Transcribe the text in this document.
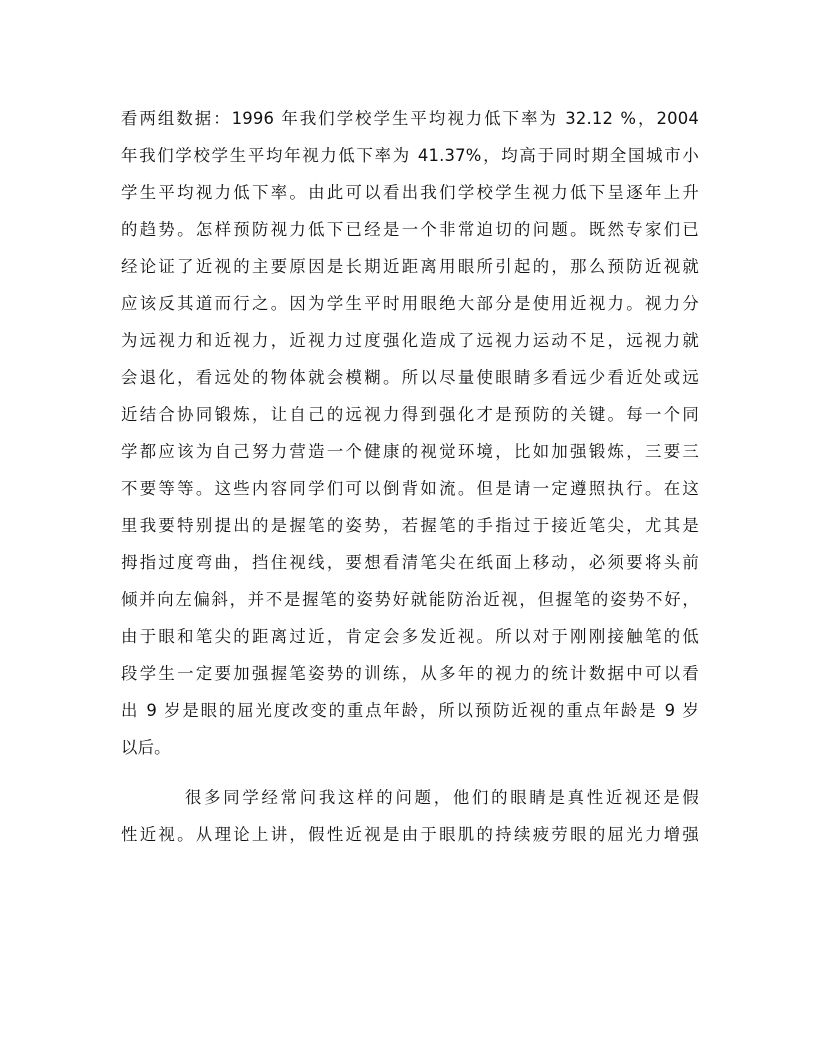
看两组数据：1996 年我们学校学生平均视力低下率为 32.12 %，2004
年我们学校学生平均年视力低下率为 41.37%，均高于同时期全国城市小
学生平均视力低下率。由此可以看出我们学校学生视力低下呈逐年上升
的趋势。怎样预防视力低下已经是一个非常迫切的问题。既然专家们已
经论证了近视的主要原因是长期近距离用眼所引起的，那么预防近视就
应该反其道而行之。因为学生平时用眼绝大部分是使用近视力。视力分
为远视力和近视力，近视力过度强化造成了远视力运动不足，远视力就
会退化，看远处的物体就会模糊。所以尽量使眼睛多看远少看近处或远
近结合协同锻炼，让自己的远视力得到强化才是预防的关键。每一个同
学都应该为自己努力营造一个健康的视觉环境，比如加强锻炼，三要三
不要等等。这些内容同学们可以倒背如流。但是请一定遵照执行。在这
里我要特别提出的是握笔的姿势，若握笔的手指过于接近笔尖，尤其是
拇指过度弯曲，挡住视线，要想看清笔尖在纸面上移动，必须要将头前
倾并向左偏斜，并不是握笔的姿势好就能防治近视，但握笔的姿势不好，
由于眼和笔尖的距离过近，肯定会多发近视。所以对于刚刚接触笔的低
段学生一定要加强握笔姿势的训练，从多年的视力的统计数据中可以看
出 9 岁是眼的屈光度改变的重点年龄，所以预防近视的重点年龄是 9 岁
以后。
很多同学经常问我这样的问题，他们的眼睛是真性近视还是假
性近视。从理论上讲，假性近视是由于眼肌的持续疲劳眼的屈光力增强
